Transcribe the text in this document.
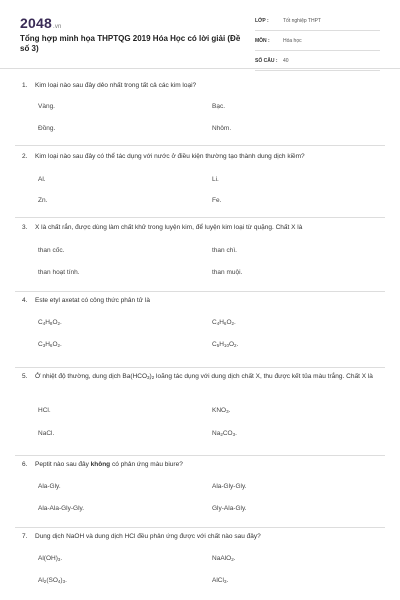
2048.vn
Tổng hợp minh họa THPTQG 2019 Hóa Học có lời giải (Đề số 3)
LỚP :	Tốt nghiệp THPT
MÔN :	Hóa học
SỐ CÂU : 40
1. Kim loại nào sau đây dẻo nhất trong tất cả các kim loại?
Vàng.	Bạc.
Đồng.	Nhôm.
2. Kim loại nào sau đây có thể tác dụng với nước ở điều kiện thường tạo thành dung dịch kiềm?
Al.	Li.
Zn.	Fe.
3. X là chất rắn, được dùng làm chất khử trong luyện kim, để luyện kim loại từ quặng. Chất X là
than cốc.	than chì.
than hoạt tính.	than muội.
4. Este etyl axetat có công thức phân tử là
$C_4H_8O_2$.	$C_4H_6O_2$.
$C_3H_6O_2$.	$C_5H_{10}O_2$.
5. Ở nhiệt độ thường, dung dịch $Ba(HCO_3)_2$ loãng tác dụng với dung dịch chất X, thu được kết tủa màu trắng. Chất X là
HCl.	$KNO_3$.
NaCl.	$Na_2CO_3$.
6. Peptit nào sau đây không có phản ứng màu biure?
Ala-Gly.	Ala-Gly-Gly.
Ala-Ala-Gly-Gly.	Gly-Ala-Gly.
7. Dung dịch NaOH và dung dịch HCl đều phản ứng được với chất nào sau đây?
$Al(OH)_3$.	NaAlO$_2$.
$Al_2(SO_4)_3$.	AlCl$_3$.
